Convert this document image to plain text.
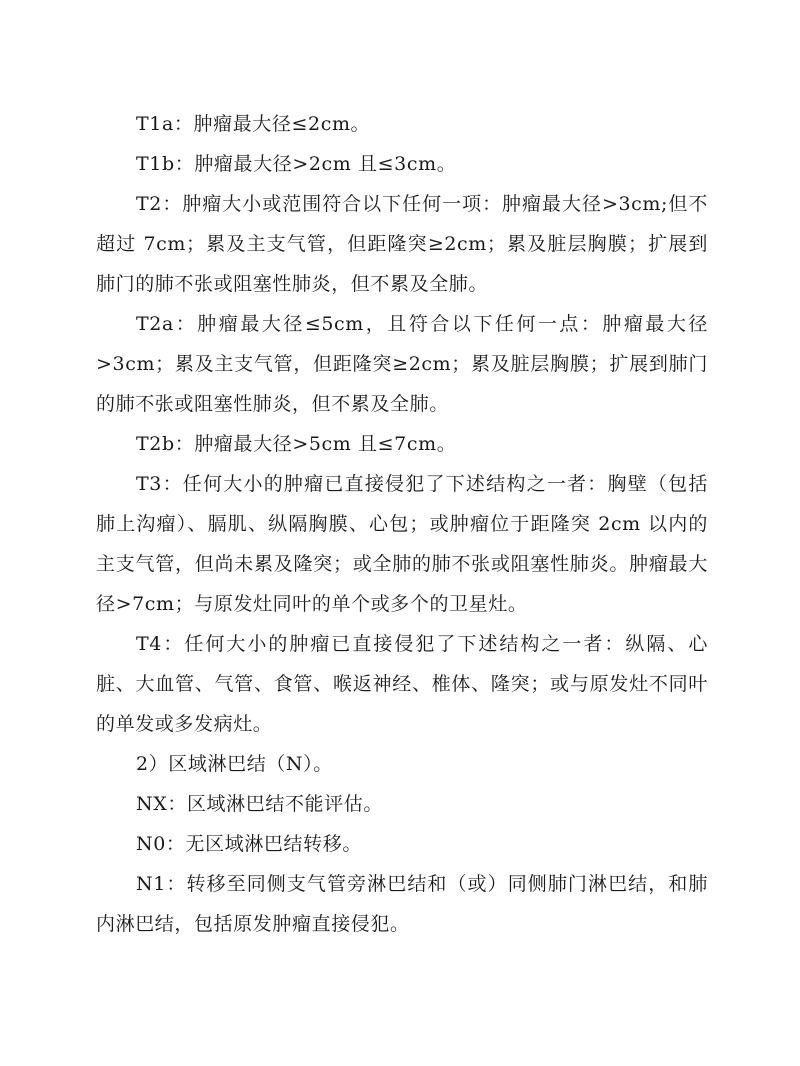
T1a：肿瘤最大径≤2cm。

T1b：肿瘤最大径>2cm 且≤3cm。

T2：肿瘤大小或范围符合以下任何一项：肿瘤最大径>3cm;但不超过 7cm；累及主支气管，但距隆突≥2cm；累及脏层胸膜；扩展到肺门的肺不张或阻塞性肺炎，但不累及全肺。

T2a：肿瘤最大径≤5cm，且符合以下任何一点：肿瘤最大径>3cm；累及主支气管，但距隆突≥2cm；累及脏层胸膜；扩展到肺门的肺不张或阻塞性肺炎，但不累及全肺。

T2b：肿瘤最大径>5cm 且≤7cm。

T3：任何大小的肿瘤已直接侵犯了下述结构之一者：胸壁（包括肺上沟瘤）、膈肌、纵隔胸膜、心包；或肿瘤位于距隆突 2cm 以内的主支气管，但尚未累及隆突；或全肺的肺不张或阻塞性肺炎。肿瘤最大径>7cm；与原发灶同叶的单个或多个的卫星灶。

T4：任何大小的肿瘤已直接侵犯了下述结构之一者：纵隔、心脏、大血管、气管、食管、喉返神经、椎体、隆突；或与原发灶不同叶的单发或多发病灶。

2）区域淋巴结（N）。

NX：区域淋巴结不能评估。

N0：无区域淋巴结转移。

N1：转移至同侧支气管旁淋巴结和（或）同侧肺门淋巴结，和肺内淋巴结，包括原发肿瘤直接侵犯。
